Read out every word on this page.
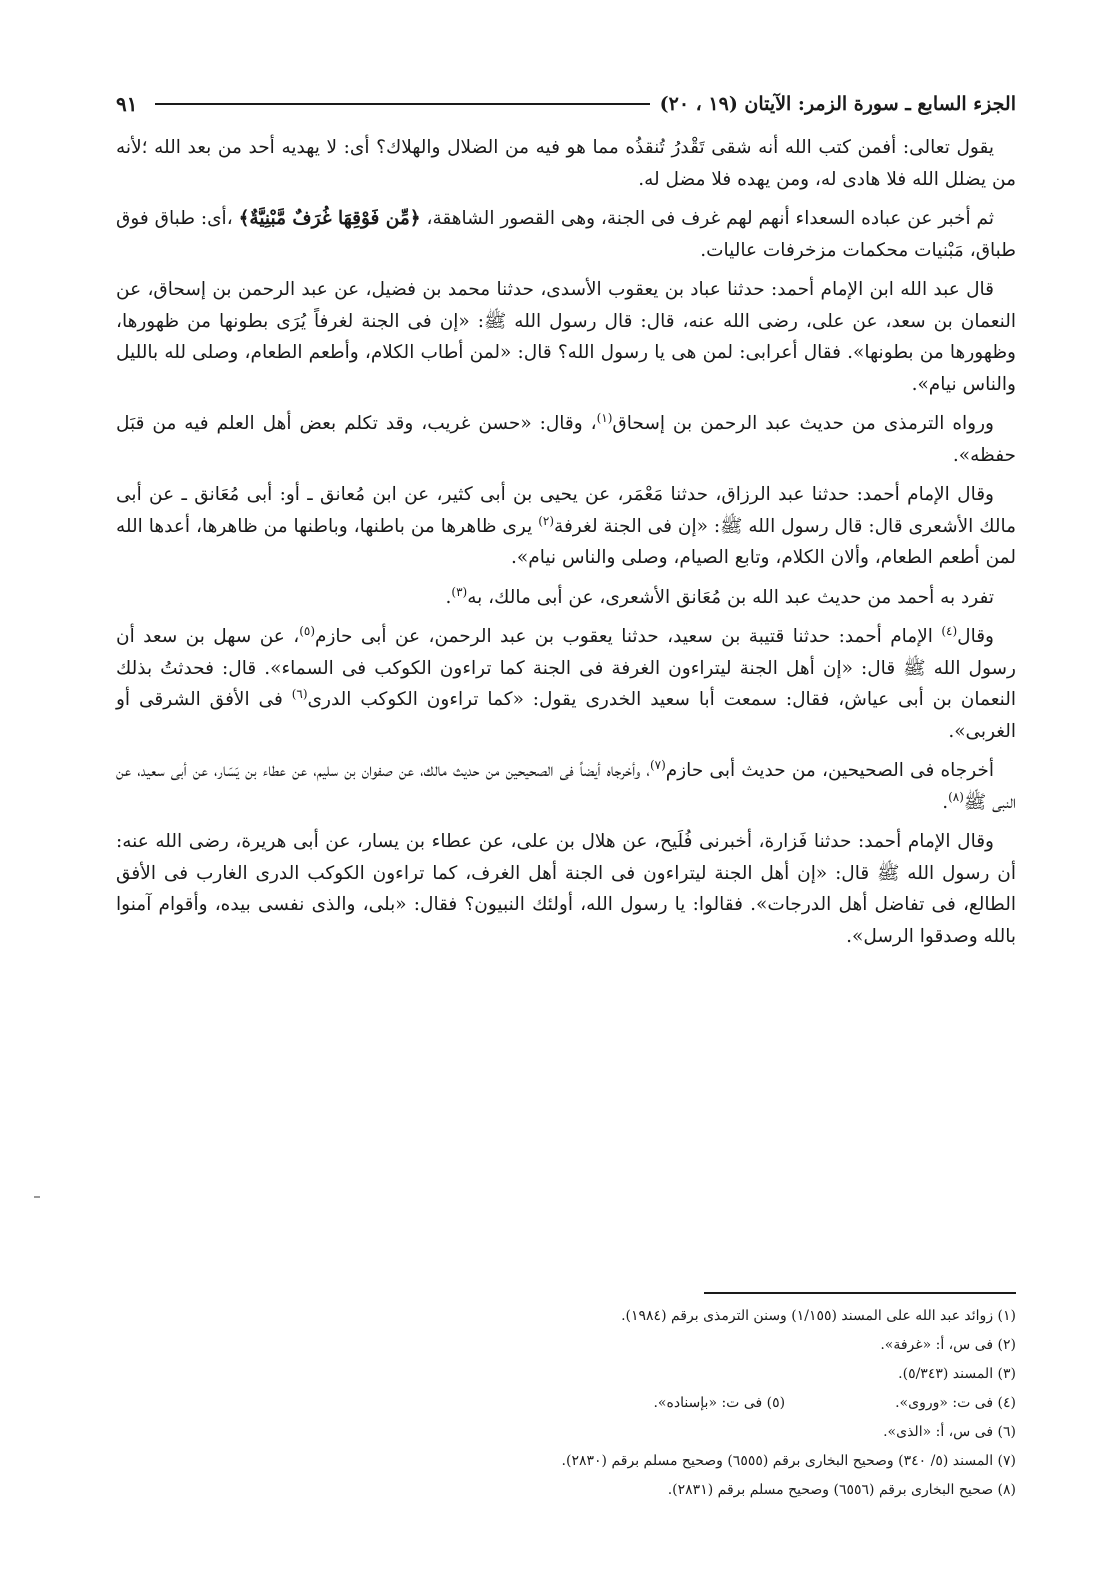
الجزء السابع ـ سورة الزمر: الآيتان (١٩ ، ٢٠)
٩١

يقول تعالى: أفمن كتب الله أنه شقى تَقْدرُ تُنقذُه مما هو فيه من الضلال والهلاك؟ أى: لا يهديه أحد من بعد الله ؛لأنه من يضلل الله فلا هادى له، ومن يهده فلا مضل له.

ثم أخبر عن عباده السعداء أنهم لهم غرف فى الجنة، وهى القصور الشاهقة، ﴿مِّن فَوْقِهَا غُرَفٌ مَّبْنِيَّةٌ﴾ ،أى: طباق فوق طباق، مَبْنيات محكمات مزخرفات عاليات.

قال عبد الله ابن الإمام أحمد: حدثنا عباد بن يعقوب الأسدى، حدثنا محمد بن فضيل، عن عبد الرحمن بن إسحاق، عن النعمان بن سعد، عن على، رضى الله عنه، قال: قال رسول الله ﷺ: «إن فى الجنة لغرفاً يُرَى بطونها من ظهورها، وظهورها من بطونها». فقال أعرابى: لمن هى يا رسول الله؟ قال: «لمن أطاب الكلام، وأطعم الطعام، وصلى لله بالليل والناس نيام».

ورواه الترمذى من حديث عبد الرحمن بن إسحاق$^{(١)}$، وقال: «حسن غريب، وقد تكلم بعض أهل العلم فيه من قبَل حفظه».

وقال الإمام أحمد: حدثنا عبد الرزاق، حدثنا مَعْمَر، عن يحيى بن أبى كثير، عن ابن مُعانق ـ أو: أبى مُعَانق ـ عن أبى مالك الأشعرى قال: قال رسول الله ﷺ: «إن فى الجنة لغرفة$^{(٢)}$ يرى ظاهرها من باطنها، وباطنها من ظاهرها، أعدها الله لمن أطعم الطعام، وألان الكلام، وتابع الصيام، وصلى والناس نيام».

تفرد به أحمد من حديث عبد الله بن مُعَانق الأشعرى، عن أبى مالك، به$^{(٣)}$.

وقال$^{(٤)}$ الإمام أحمد: حدثنا قتيبة بن سعيد، حدثنا يعقوب بن عبد الرحمن، عن أبى حازم$^{(٥)}$، عن سهل بن سعد أن رسول الله ﷺ قال: «إن أهل الجنة ليتراءون الغرفة فى الجنة كما تراءون الكوكب فى السماء». قال: فحدثتُ بذلك النعمان بن أبى عياش، فقال: سمعت أبا سعيد الخدرى يقول: «كما تراءون الكوكب الدرى$^{(٦)}$ فى الأفق الشرقى أو الغربى».

أخرجاه فى الصحيحين، من حديث أبى حازم$^{(٧)}$، وأخرجاه أيضاً فى الصحيحين من حديث مالك، عن صفوان بن سليم، عن عطاء بن يَسَار، عن أبى سعيد، عن النبى ﷺ$^{(٨)}$.

وقال الإمام أحمد: حدثنا فَزارة، أخبرنى فُلَيح، عن هلال بن على، عن عطاء بن يسار، عن أبى هريرة، رضى الله عنه: أن رسول الله ﷺ قال: «إن أهل الجنة ليتراءون فى الجنة أهل الغرف، كما تراءون الكوكب الدرى الغارب فى الأفق الطالع، فى تفاضل أهل الدرجات». فقالوا: يا رسول الله، أولئك النبيون؟ فقال: «بلى، والذى نفسى بيده، وأقوام آمنوا بالله وصدقوا الرسل».

(١) زوائد عبد الله على المسند (١/١٥٥) وسنن الترمذى برقم (١٩٨٤).
(٢) فى س، أ: «غرفة».
(٣) المسند (٥/٣٤٣).
(٤) فى ت: «وروى».
(٥) فى ت: «بإسناده».
(٦) فى س، أ: «الذى».
(٧) المسند (٥/ ٣٤٠) وصحيح البخارى برقم (٦٥٥٥) وصحيح مسلم برقم (٢٨٣٠).
(٨) صحيح البخارى برقم (٦٥٥٦) وصحيح مسلم برقم (٢٨٣١).
